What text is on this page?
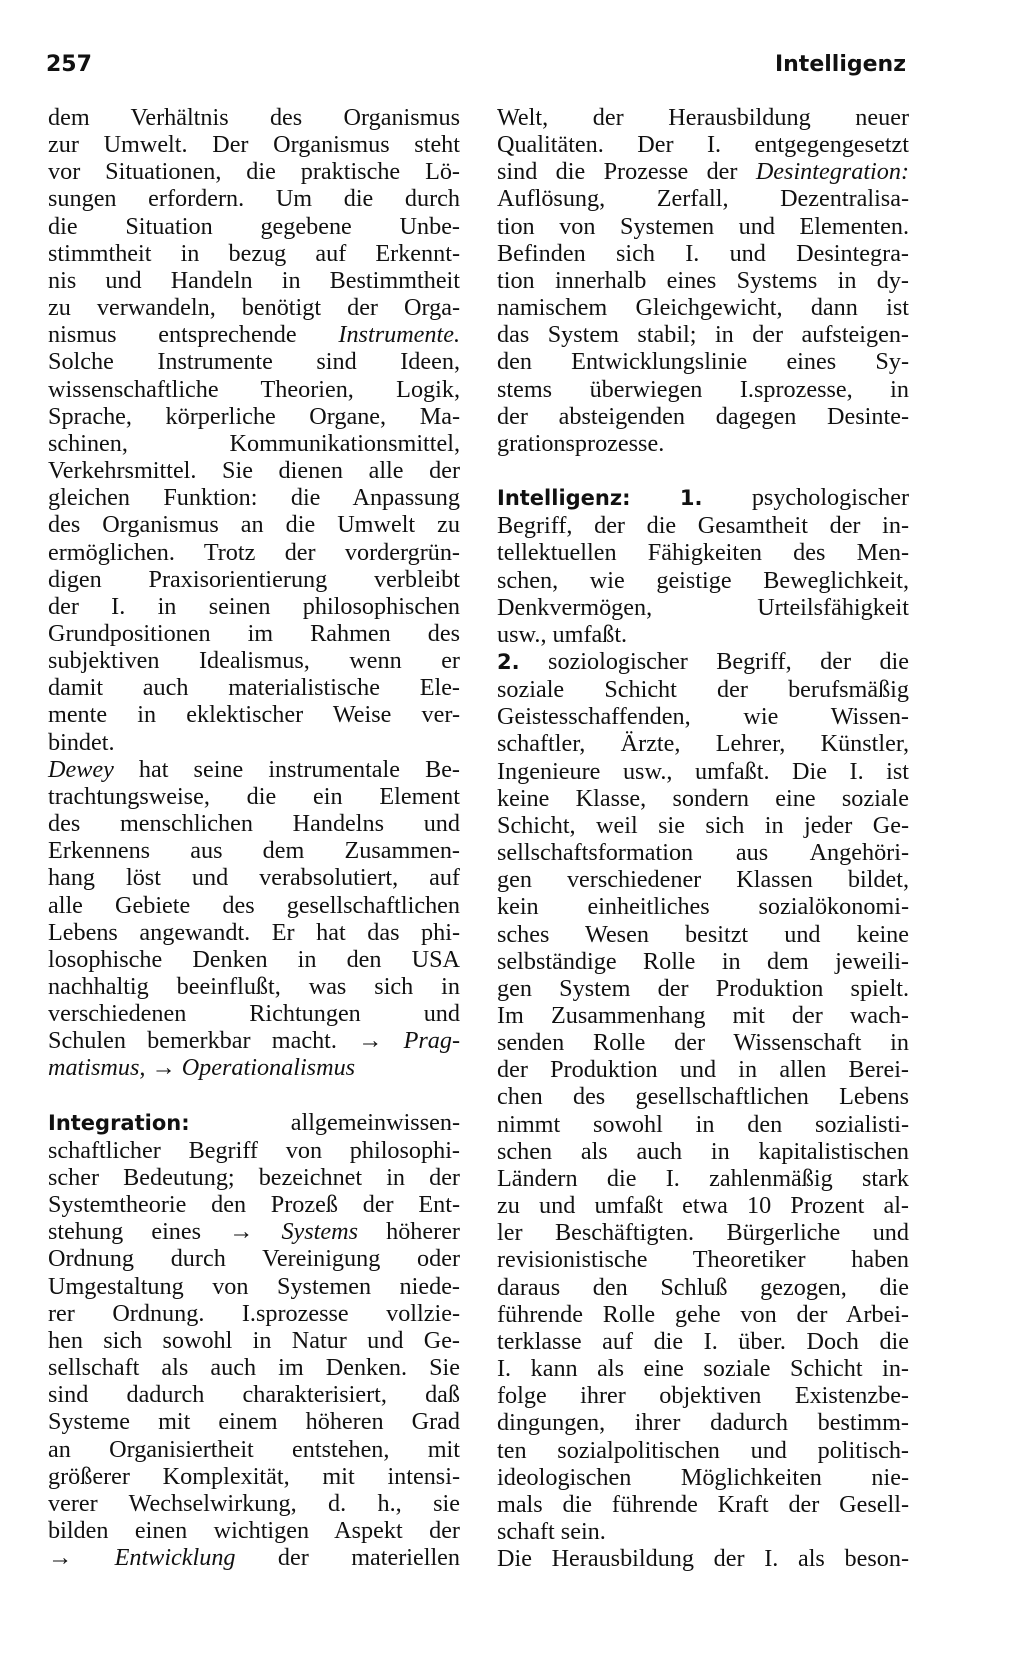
257	Intelligenz

dem Verhältnis des Organismus
zur Umwelt. Der Organismus steht
vor Situationen, die praktische Lö-
sungen erfordern. Um die durch
die Situation gegebene Unbe-
stimmtheit in bezug auf Erkennt-
nis und Handeln in Bestimmtheit
zu verwandeln, benötigt der Orga-
nismus entsprechende Instrumente.
Solche Instrumente sind Ideen,
wissenschaftliche Theorien, Logik,
Sprache, körperliche Organe, Ma-
schinen, Kommunikationsmittel,
Verkehrsmittel. Sie dienen alle der
gleichen Funktion: die Anpassung
des Organismus an die Umwelt zu
ermöglichen. Trotz der vordergrün-
digen Praxisorientierung verbleibt
der I. in seinen philosophischen
Grundpositionen im Rahmen des
subjektiven Idealismus, wenn er
damit auch materialistische Ele-
mente in eklektischer Weise ver-
bindet.

Dewey hat seine instrumentale Be-
trachtungsweise, die ein Element
des menschlichen Handelns und
Erkennens aus dem Zusammen-
hang löst und verabsolutiert, auf
alle Gebiete des gesellschaftlichen
Lebens angewandt. Er hat das phi-
losophische Denken in den USA
nachhaltig beeinflußt, was sich in
verschiedenen Richtungen und
Schulen bemerkbar macht. → Prag-
matismus, → Operationalismus

Integration: allgemeinwissen-
schaftlicher Begriff von philosophi-
scher Bedeutung; bezeichnet in der
Systemtheorie den Prozeß der Ent-
stehung eines → Systems höherer
Ordnung durch Vereinigung oder
Umgestaltung von Systemen niede-
rer Ordnung. I.sprozesse vollzie-
hen sich sowohl in Natur und Ge-
sellschaft als auch im Denken. Sie
sind dadurch charakterisiert, daß
Systeme mit einem höheren Grad
an Organisiertheit entstehen, mit
größerer Komplexität, mit intensi-
verer Wechselwirkung, d. h., sie
bilden einen wichtigen Aspekt der
→ Entwicklung der materiellen

Welt, der Herausbildung neuer
Qualitäten. Der I. entgegengesetzt
sind die Prozesse der Desintegration:
Auflösung, Zerfall, Dezentralisa-
tion von Systemen und Elementen.
Befinden sich I. und Desintegra-
tion innerhalb eines Systems in dy-
namischem Gleichgewicht, dann ist
das System stabil; in der aufsteigen-
den Entwicklungslinie eines Sy-
stems überwiegen I.sprozesse, in
der absteigenden dagegen Desinte-
grationsprozesse.

Intelligenz: 1. psychologischer
Begriff, der die Gesamtheit der in-
tellektuellen Fähigkeiten des Men-
schen, wie geistige Beweglichkeit,
Denkvermögen, Urteilsfähigkeit
usw., umfaßt.
2. soziologischer Begriff, der die
soziale Schicht der berufsmäßig
Geistesschaffenden, wie Wissen-
schaftler, Ärzte, Lehrer, Künstler,
Ingenieure usw., umfaßt. Die I. ist
keine Klasse, sondern eine soziale
Schicht, weil sie sich in jeder Ge-
sellschaftsformation aus Angehöri-
gen verschiedener Klassen bildet,
kein einheitliches sozialökonomi-
sches Wesen besitzt und keine
selbständige Rolle in dem jeweili-
gen System der Produktion spielt.
Im Zusammenhang mit der wach-
senden Rolle der Wissenschaft in
der Produktion und in allen Berei-
chen des gesellschaftlichen Lebens
nimmt sowohl in den sozialisti-
schen als auch in kapitalistischen
Ländern die I. zahlenmäßig stark
zu und umfaßt etwa 10 Prozent al-
ler Beschäftigten. Bürgerliche und
revisionistische Theoretiker haben
daraus den Schluß gezogen, die
führende Rolle gehe von der Arbei-
terklasse auf die I. über. Doch die
I. kann als eine soziale Schicht in-
folge ihrer objektiven Existenzbe-
dingungen, ihrer dadurch bestimm-
ten sozialpolitischen und politisch-
ideologischen Möglichkeiten nie-
mals die führende Kraft der Gesell-
schaft sein.
Die Herausbildung der I. als beson-
